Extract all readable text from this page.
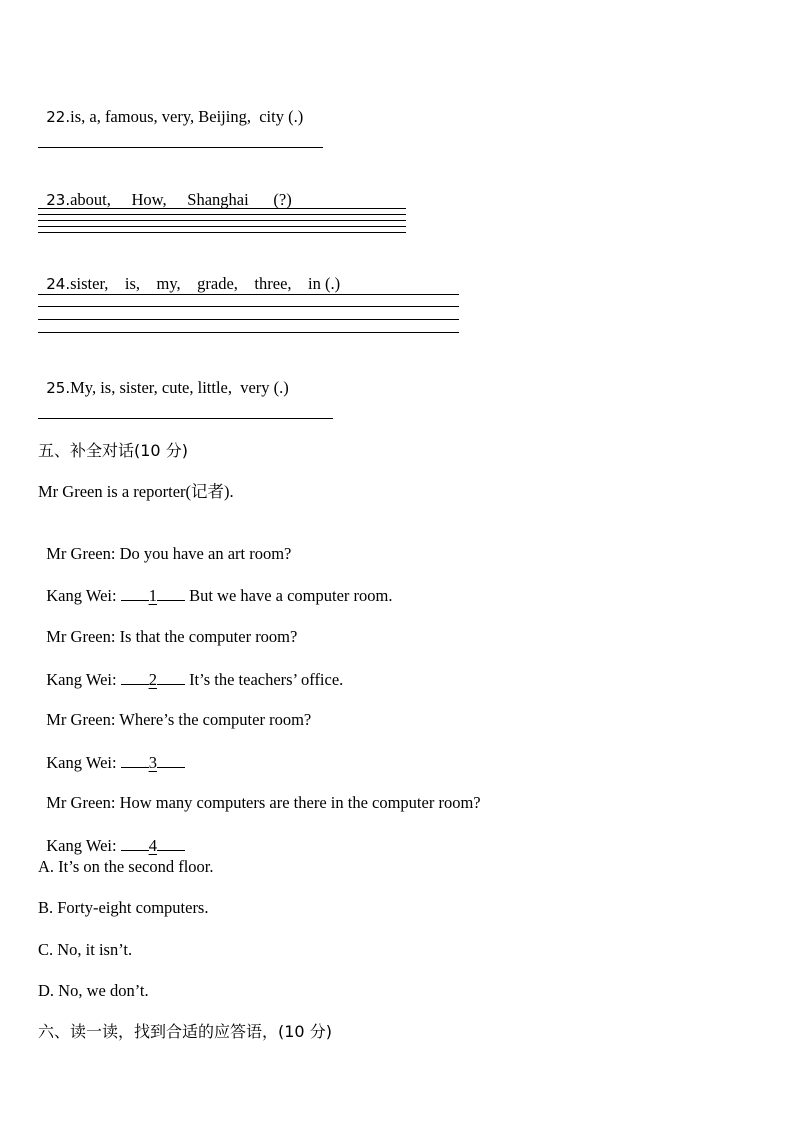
22.is, a, famous, very, Beijing,  city (.)

23.about,     How,     Shanghai      (?)

24.sister,    is,    my,    grade,    three,    in (.)

25.My, is, sister, cute, little,  very (.)

五、补全对话(10 分)
Mr Green is a reporter(记者).

Mr Green: Do you have an art room?

Kang Wei: 1 But we have a computer room.

Mr Green: Is that the computer room?

Kang Wei: 2 It’s the teachers’ office.

Mr Green: Where’s the computer room?

Kang Wei: 3

Mr Green: How many computers are there in the computer room?

Kang Wei: 4

A. It’s on the second floor.
B. Forty-eight computers.
C. No, it isn’t.
D. No, we don’t.
六、读一读，找到合适的应答语，(10 分)
